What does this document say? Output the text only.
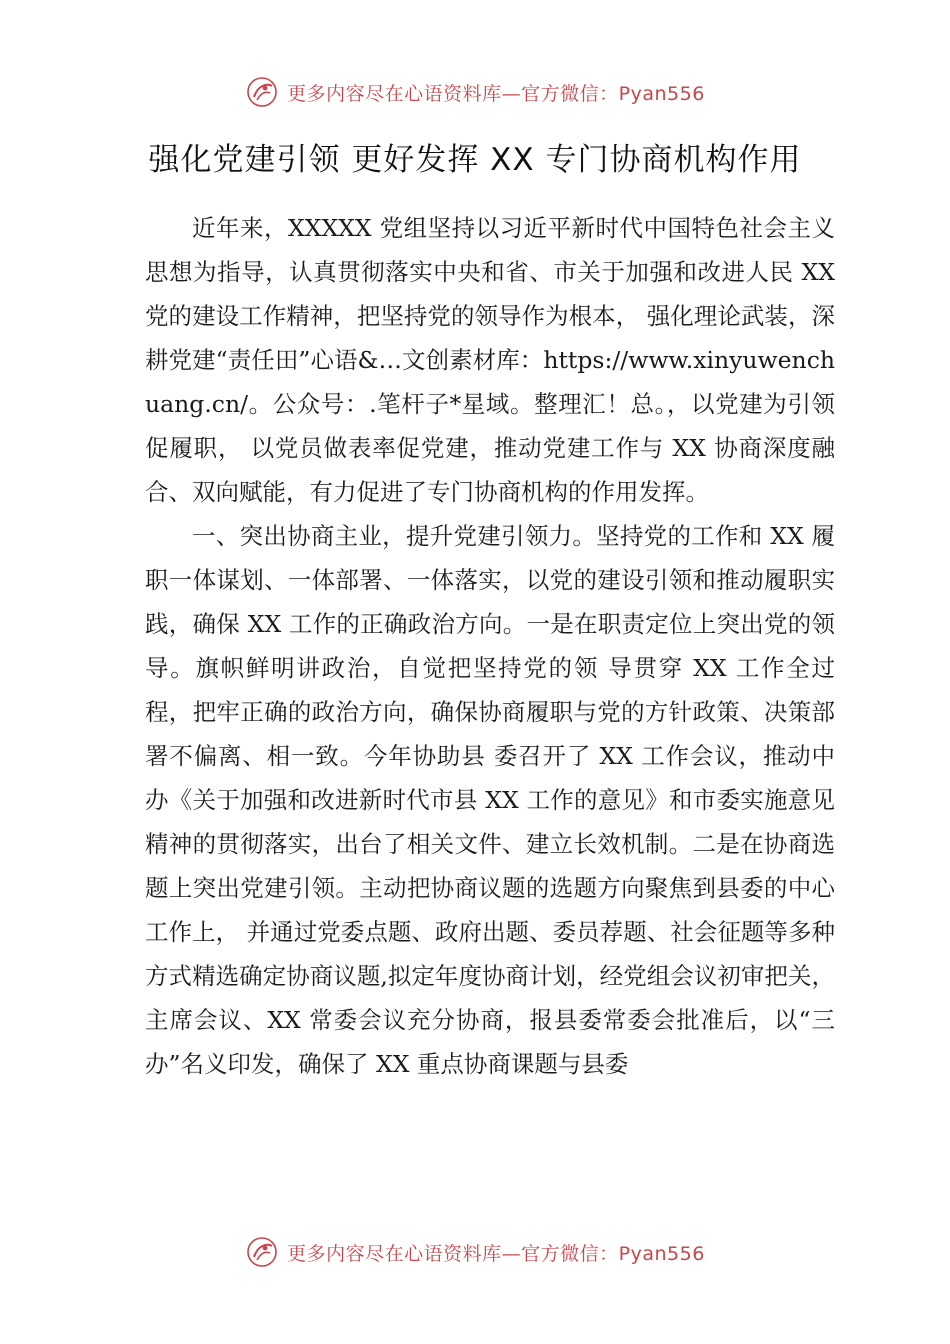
更多内容尽在心语资料库—官方微信：Pyan556
强化党建引领 更好发挥 XX 专门协商机构作用

近年来，XXXXX 党组坚持以习近平新时代中国特色社会主义思想为指导，认真贯彻落实中央和省、市关于加强和改进人民 XX 党的建设工作精神，把坚持党的领导作为根本， 强化理论武装，深耕党建“责任田”心语&…文创素材库：https://www.xinyuwenchuang.cn/。公众号：.笔杆子*星域。整理汇！总。，以党建为引领促履职， 以党员做表率促党建，推动党建工作与 XX 协商深度融合、双向赋能，有力促进了专门协商机构的作用发挥。

一、突出协商主业，提升党建引领力。坚持党的工作和 XX 履职一体谋划、一体部署、一体落实，以党的建设引领和推动履职实践，确保 XX 工作的正确政治方向。一是在职责定位上突出党的领导。旗帜鲜明讲政治，自觉把坚持党的领 导贯穿 XX 工作全过程，把牢正确的政治方向，确保协商履职与党的方针政策、决策部署不偏离、相一致。今年协助县 委召开了 XX 工作会议，推动中办《关于加强和改进新时代市县 XX 工作的意见》和市委实施意见精神的贯彻落实，出台了相关文件、建立长效机制。二是在协商选题上突出党建引领。主动把协商议题的选题方向聚焦到县委的中心工作上， 并通过党委点题、政府出题、委员荐题、社会征题等多种方式精选确定协商议题,拟定年度协商计划，经党组会议初审把关，主席会议、XX 常委会议充分协商，报县委常委会批准后，以“三办”名义印发，确保了 XX 重点协商课题与县委

更多内容尽在心语资料库—官方微信：Pyan556
